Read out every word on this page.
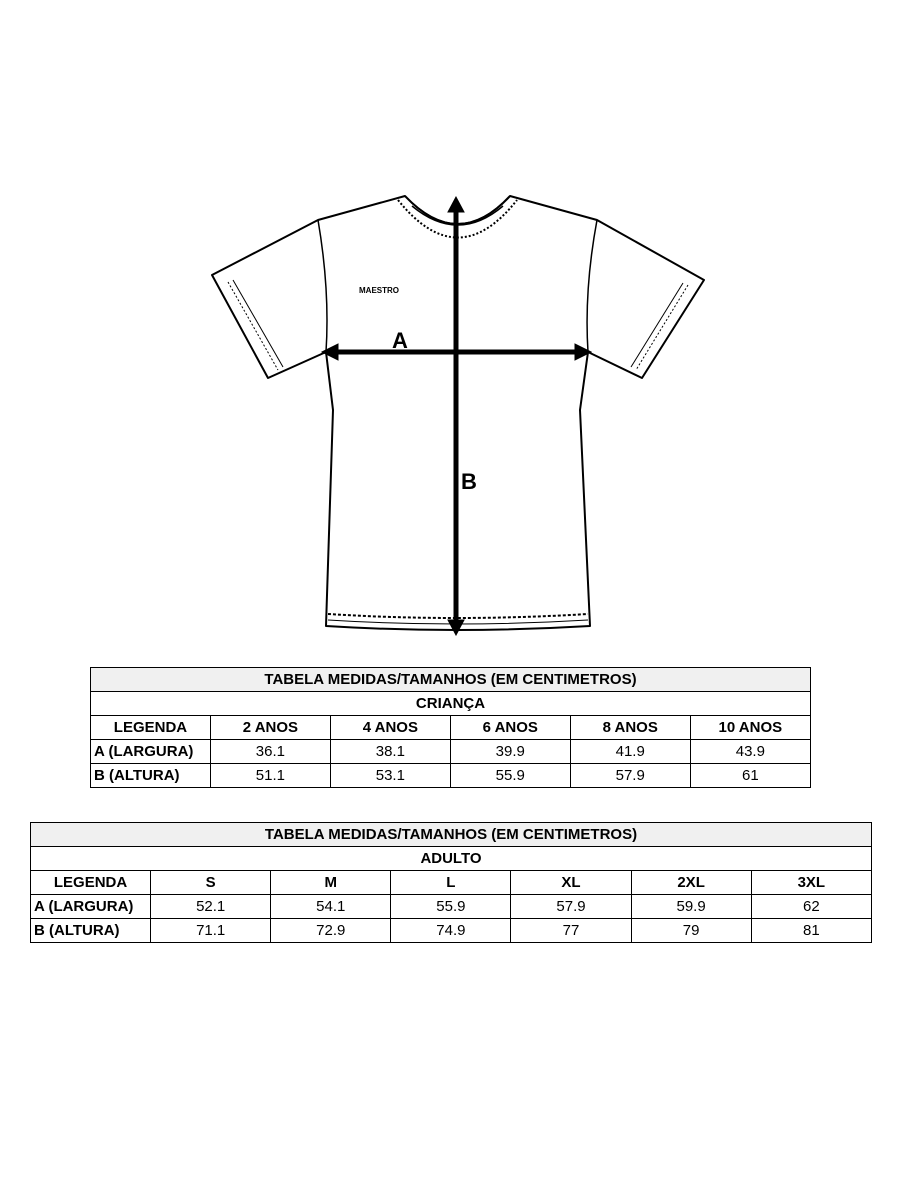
MAESTRO
A
B
TABELA MEDIDAS/TAMANHOS (EM CENTIMETROS)					
CRIANÇA					
LEGENDA	2 ANOS	4 ANOS	6 ANOS	8 ANOS	10 ANOS
A (LARGURA)	36.1	38.1	39.9	41.9	43.9
B (ALTURA)	51.1	53.1	55.9	57.9	61
TABELA MEDIDAS/TAMANHOS (EM CENTIMETROS)						
ADULTO						
LEGENDA	S	M	L	XL	2XL	3XL
A (LARGURA)	52.1	54.1	55.9	57.9	59.9	62
B (ALTURA)	71.1	72.9	74.9	77	79	81
